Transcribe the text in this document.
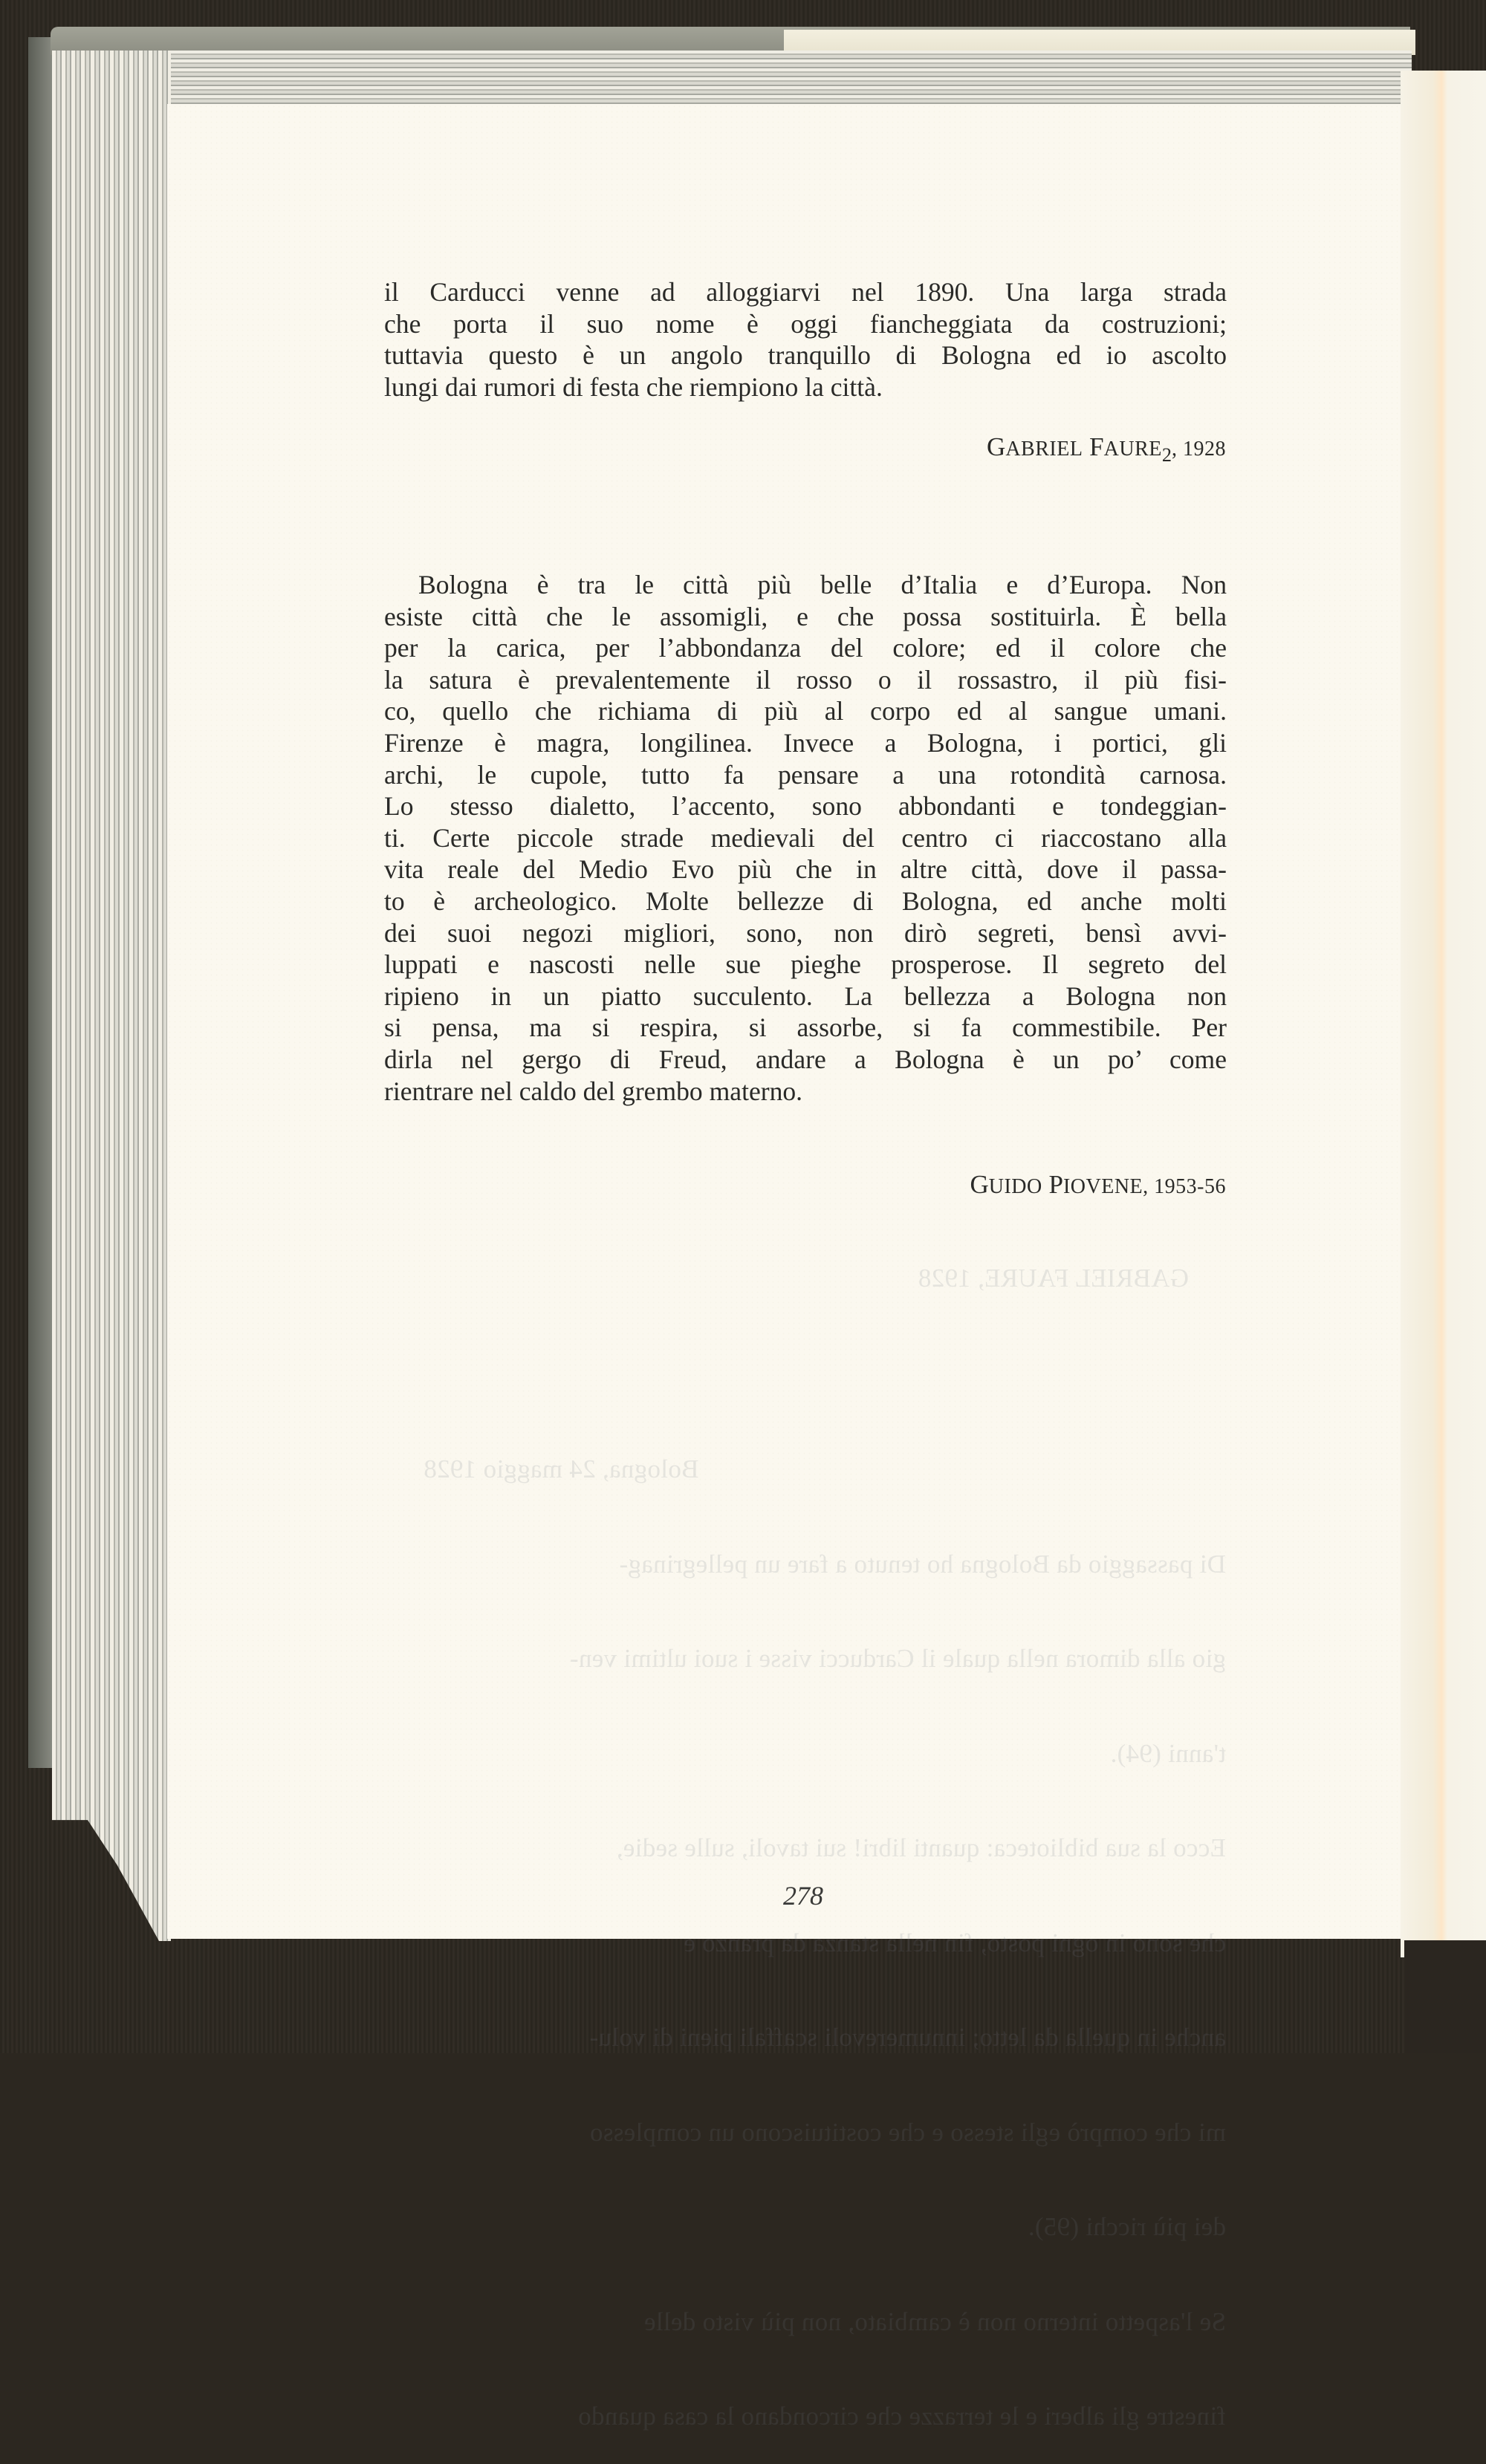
Bologna, 24 maggio 1928

Di passaggio da Bologna ho tenuto a fare un pellegrinag-

gio alla dimora nella quale il Carducci visse i suoi ultimi ven-

t'anni (94).

Ecco la sua biblioteca: quanti libri! sui tavoli, sulle sedie,

che sono in ogni posto, fin nella stanza da pranzo e

anche in quella da letto; innumerevoli scaffali pieni di volu-

mi che comprò egli stesso e che costituiscono un complesso

dei più ricchi (95).

Se l'aspetto interno non è cambiato, non più visto delle

finestre gli alberi e le terrazze che circondano la casa quando

GABRIEL FAURE, 1928
il Carducci venne ad alloggiarvi nel 1890. Una larga strada
che porta il suo nome è oggi fiancheggiata da costruzioni;
tuttavia questo è un angolo tranquillo di Bologna ed io ascolto
lungi dai rumori di festa che riempiono la città.
GABRIEL $FAURE_2$, 1928
Bologna è tra le città più belle d’Italia e d’Europa. Non
esiste città che le assomigli, e che possa sostituirla. È bella
per la carica, per l’abbondanza del colore; ed il colore che
la satura è prevalentemente il rosso o il rossastro, il più fisi-
co, quello che richiama di più al corpo ed al sangue umani.
Firenze è magra, longilinea. Invece a Bologna, i portici, gli
archi, le cupole, tutto fa pensare a una rotondità carnosa.
Lo stesso dialetto, l’accento, sono abbondanti e tondeggian-
ti. Certe piccole strade medievali del centro ci riaccostano alla
vita reale del Medio Evo più che in altre città, dove il passa-
to è archeologico. Molte bellezze di Bologna, ed anche molti
dei suoi negozi migliori, sono, non dirò segreti, bensì avvi-
luppati e nascosti nelle sue pieghe prosperose. Il segreto del
ripieno in un piatto succulento. La bellezza a Bologna non
si pensa, ma si respira, si assorbe, si fa commestibile. Per
dirla nel gergo di Freud, andare a Bologna è un po’ come
rientrare nel caldo del grembo materno.
GUIDO PIOVENE, 1953-56
278
